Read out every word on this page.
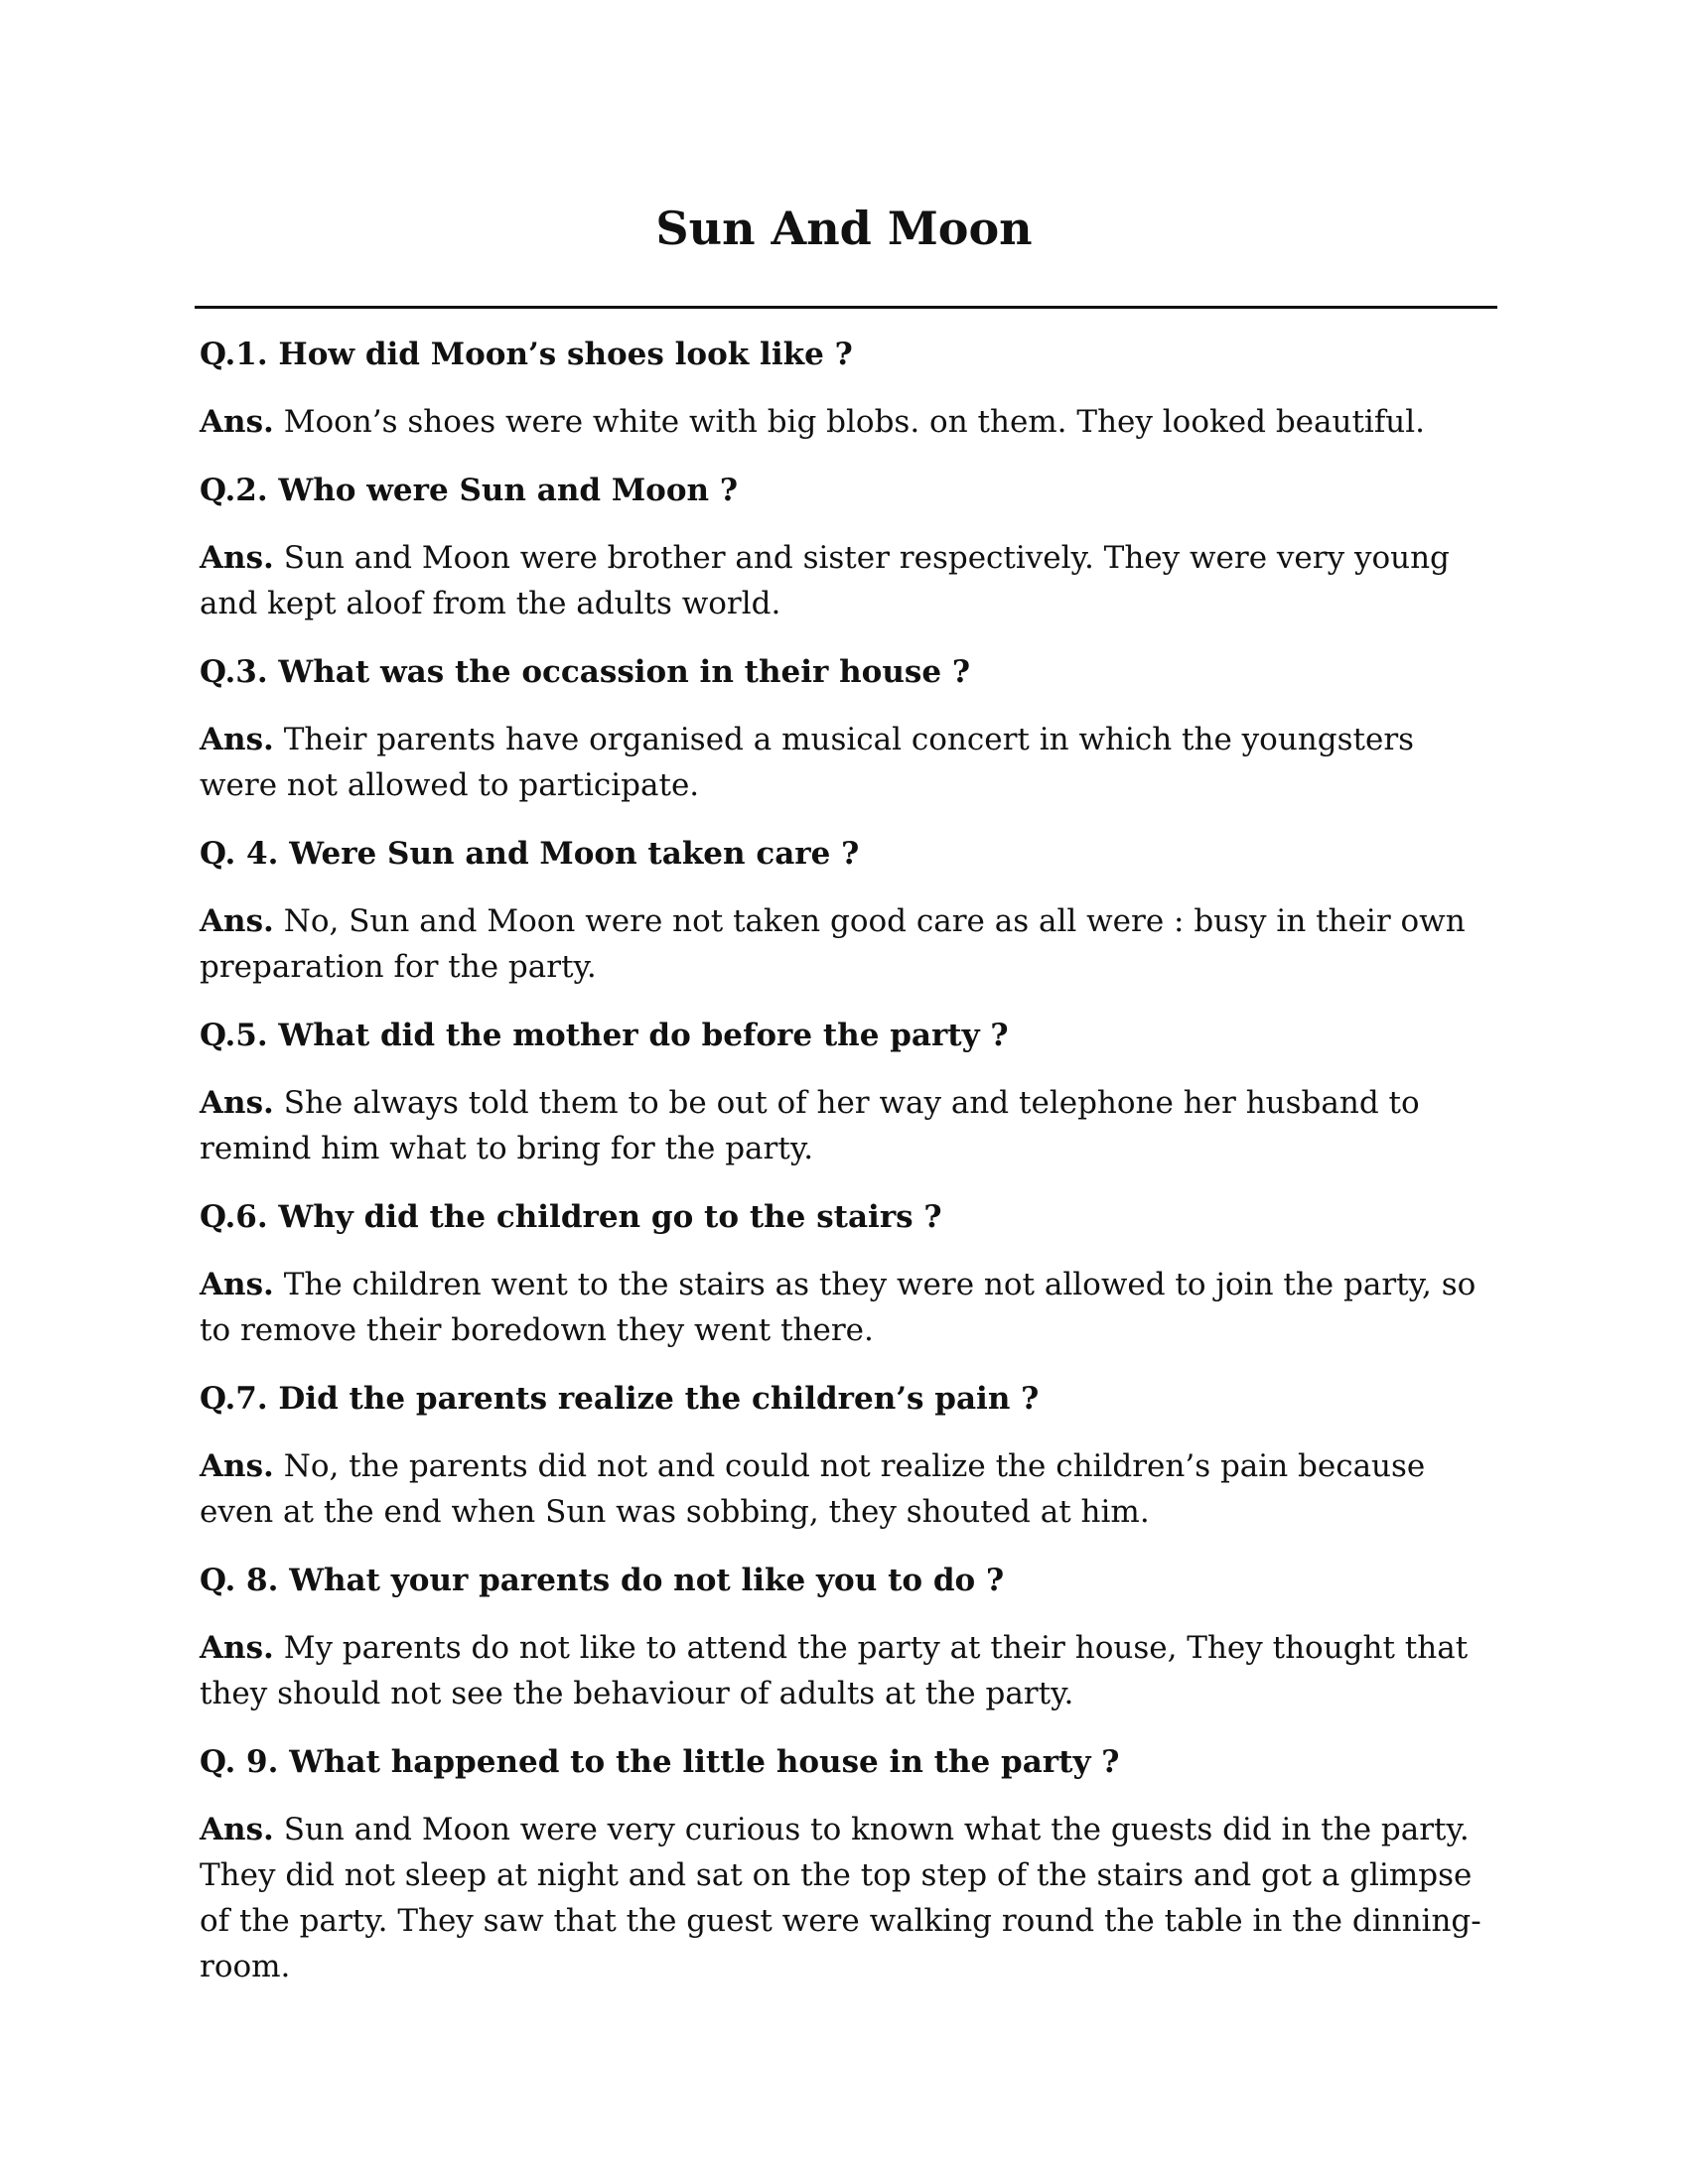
Sun And Moon

Q.1. How did Moon’s shoes look like ?

Ans. Moon’s shoes were white with big blobs. on them. They looked beautiful.

Q.2. Who were Sun and Moon ?

Ans. Sun and Moon were brother and sister respectively. They were very young and kept aloof from the adults world.

Q.3. What was the occassion in their house ?

Ans. Their parents have organised a musical concert in which the youngsters were not allowed to participate.

Q. 4. Were Sun and Moon taken care ?

Ans. No, Sun and Moon were not taken good care as all were : busy in their own preparation for the party.

Q.5. What did the mother do before the party ?

Ans. She always told them to be out of her way and telephone her husband to remind him what to bring for the party.

Q.6. Why did the children go to the stairs ?

Ans. The children went to the stairs as they were not allowed to join the party, so to remove their boredown they went there.

Q.7. Did the parents realize the children’s pain ?

Ans. No, the parents did not and could not realize the children’s pain because even at the end when Sun was sobbing, they shouted at him.

Q. 8. What your parents do not like you to do ?

Ans. My parents do not like to attend the party at their house, They thought that they should not see the behaviour of adults at the party.

Q. 9. What happened to the little house in the party ?

Ans. Sun and Moon were very curious to known what the guests did in the party. They did not sleep at night and sat on the top step of the stairs and got a glimpse of the party. They saw that the guest were walking round the table in the dinning-room.
